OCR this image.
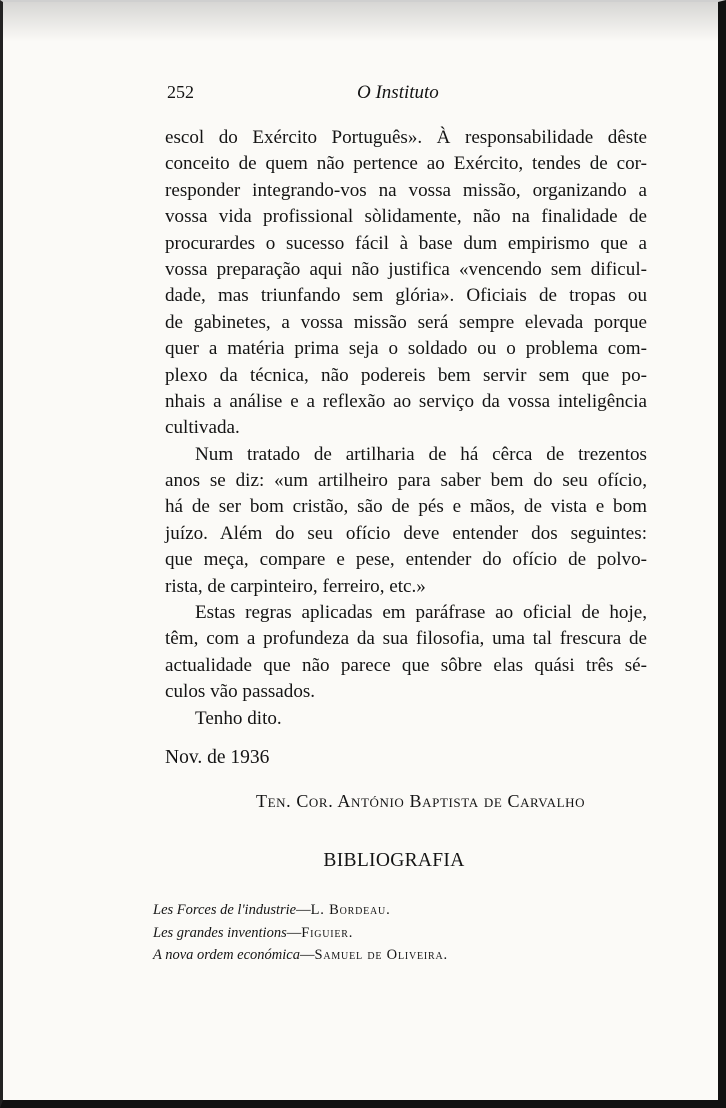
252	O Instituto
escol do Exército Português». À responsabilidade dêste
conceito de quem não pertence ao Exército, tendes de cor-
responder integrando-vos na vossa missão, organizando a
vossa vida profissional sòlidamente, não na finalidade de
procurardes o sucesso fácil à base dum empirismo que a
vossa preparação aqui não justifica «vencendo sem dificul-
dade, mas triunfando sem glória». Oficiais de tropas ou
de gabinetes, a vossa missão será sempre elevada porque
quer a matéria prima seja o soldado ou o problema com-
plexo da técnica, não podereis bem servir sem que po-
nhais a análise e a reflexão ao serviço da vossa inteligência
cultivada.
Num tratado de artilharia de há cêrca de trezentos
anos se diz: «um artilheiro para saber bem do seu ofício,
há de ser bom cristão, são de pés e mãos, de vista e bom
juízo. Além do seu ofício deve entender dos seguintes:
que meça, compare e pese, entender do ofício de polvo-
rista, de carpinteiro, ferreiro, etc.»
Estas regras aplicadas em paráfrase ao oficial de hoje,
têm, com a profundeza da sua filosofia, uma tal frescura de
actualidade que não parece que sôbre elas quási três sé-
culos vão passados.
Tenho dito.
Nov. de 1936
Ten. Cor. António Baptista de Carvalho
BIBLIOGRAFIA
Les Forces de l'industrie—L. Bordeau.
Les grandes inventions—Figuier.
A nova ordem económica—Samuel de Oliveira.
